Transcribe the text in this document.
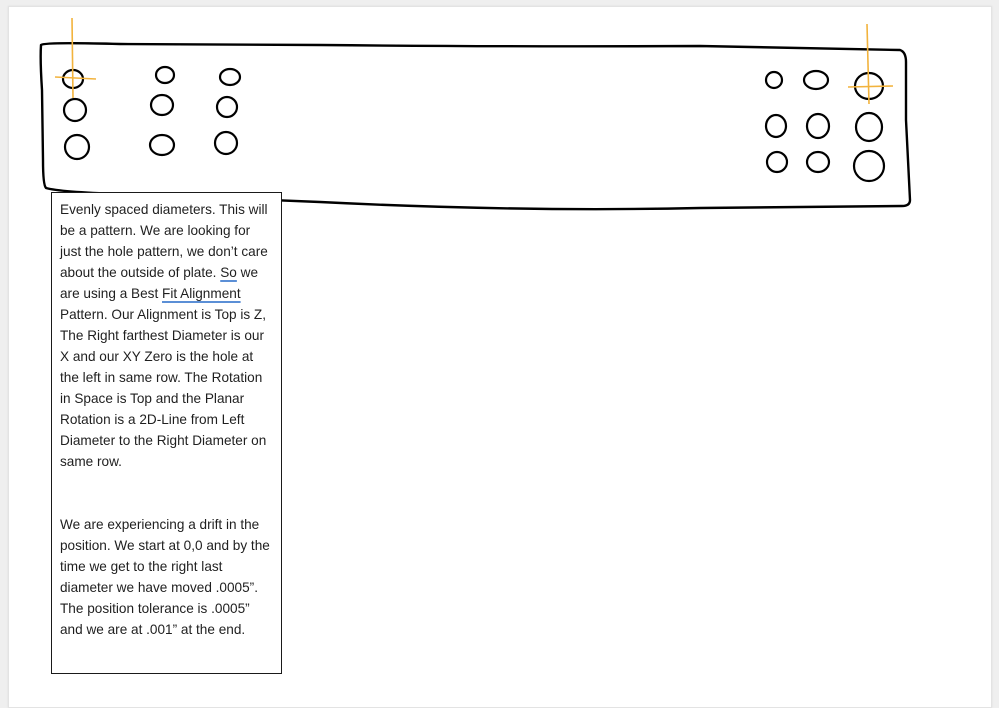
Evenly spaced diameters. This will be a pattern. We are looking for just the hole pattern, we don’t care about the outside of plate. So we are using a Best Fit Alignment Pattern. Our Alignment is Top is Z, The Right farthest Diameter is our X and our XY Zero is the hole at the left in same row. The Rotation in Space is Top and the Planar Rotation is a 2D-Line from Left Diameter to the Right Diameter on same row.

We are experiencing a drift in the position. We start at 0,0 and by the time we get to the right last diameter we have moved .0005”. The position tolerance is .0005” and we are at .001” at the end.
